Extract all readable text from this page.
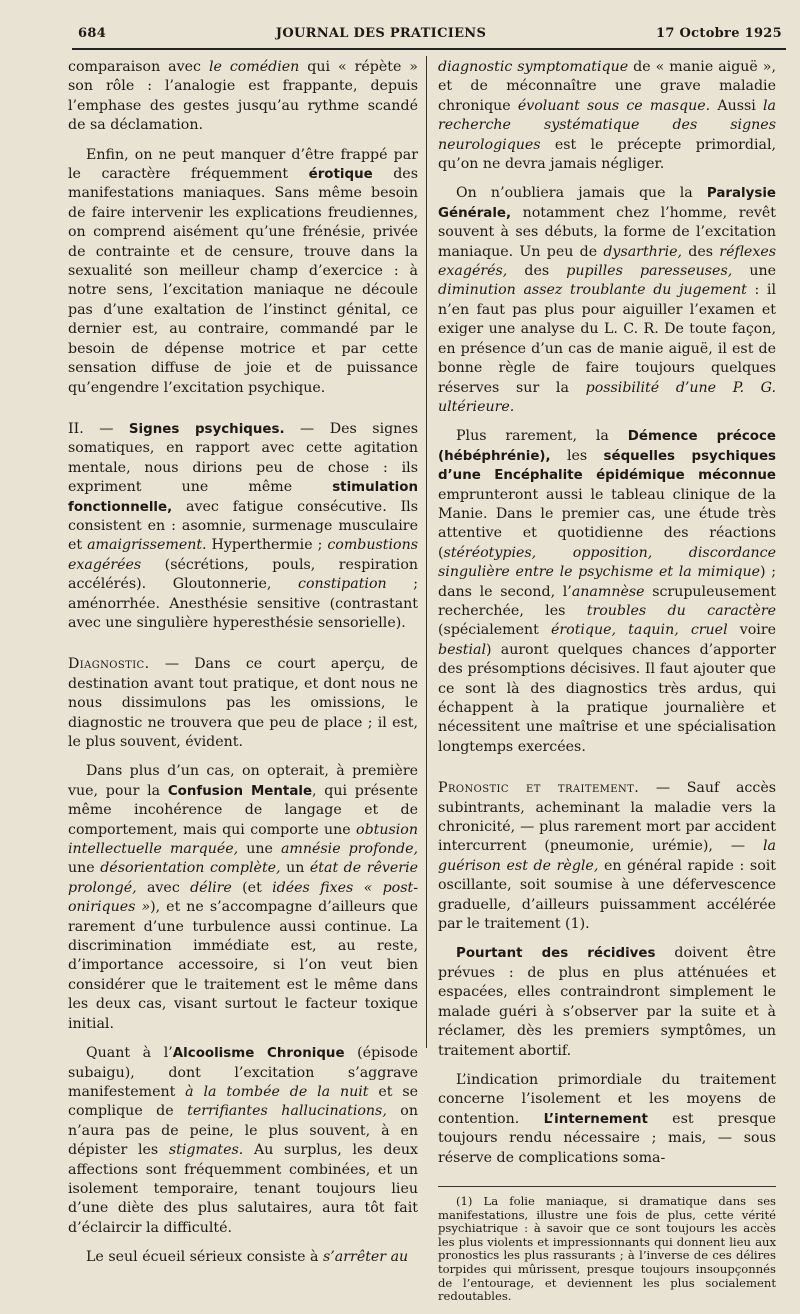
684	JOURNAL DES PRATICIENS	17 Octobre 1925

comparaison avec le comédien qui « répète » son rôle : l’analogie est frappante, depuis l’emphase des gestes jusqu’au rythme scandé de sa déclamation.

Enfin, on ne peut manquer d’être frappé par le caractère fréquemment érotique des manifestations maniaques. Sans même besoin de faire intervenir les explications freudiennes, on comprend aisément qu’une frénésie, privée de contrainte et de censure, trouve dans la sexualité son meilleur champ d’exercice : à notre sens, l’excitation maniaque ne découle pas d’une exaltation de l’instinct génital, ce dernier est, au contraire, commandé par le besoin de dépense motrice et par cette sensation diffuse de joie et de puissance qu’engendre l’excitation psychique.

II. — Signes psychiques. — Des signes somatiques, en rapport avec cette agitation mentale, nous dirions peu de chose : ils expriment une même stimulation fonctionnelle, avec fatigue consécutive. Ils consistent en : asomnie, surmenage musculaire et amaigrissement. Hyperthermie ; combustions exagérées (sécrétions, pouls, respiration accélérés). Gloutonnerie, constipation ; aménorrhée. Anesthésie sensitive (contrastant avec une singulière hyperesthésie sensorielle).

Diagnostic. — Dans ce court aperçu, de destination avant tout pratique, et dont nous ne nous dissimulons pas les omissions, le diagnostic ne trouvera que peu de place ; il est, le plus souvent, évident.

Dans plus d’un cas, on opterait, à première vue, pour la Confusion Mentale, qui présente même incohérence de langage et de comportement, mais qui comporte une obtusion intellectuelle marquée, une amnésie profonde, une désorientation complète, un état de rêverie prolongé, avec délire (et idées fixes « post-oniriques »), et ne s’accompagne d’ailleurs que rarement d’une turbulence aussi continue. La discrimination immédiate est, au reste, d’importance accessoire, si l’on veut bien considérer que le traitement est le même dans les deux cas, visant surtout le facteur toxique initial.

Quant à l’Alcoolisme Chronique (épisode subaigu), dont l’excitation s’aggrave manifestement à la tombée de la nuit et se complique de terrifiantes hallucinations, on n’aura pas de peine, le plus souvent, à en dépister les stigmates. Au surplus, les deux affections sont fréquemment combinées, et un isolement temporaire, tenant toujours lieu d’une diète des plus salutaires, aura tôt fait d’éclaircir la difficulté.

Le seul écueil sérieux consiste à s’arrêter au

diagnostic symptomatique de « manie aiguë », et de méconnaître une grave maladie chronique évoluant sous ce masque. Aussi la recherche systématique des signes neurologiques est le précepte primordial, qu’on ne devra jamais négliger.

On n’oubliera jamais que la Paralysie Générale, notamment chez l’homme, revêt souvent à ses débuts, la forme de l’excitation maniaque. Un peu de dysarthrie, des réflexes exagérés, des pupilles paresseuses, une diminution assez troublante du jugement : il n’en faut pas plus pour aiguiller l’examen et exiger une analyse du L. C. R. De toute façon, en présence d’un cas de manie aiguë, il est de bonne règle de faire toujours quelques réserves sur la possibilité d’une P. G. ultérieure.

Plus rarement, la Démence précoce (hébéphrénie), les séquelles psychiques d’une Encéphalite épidémique méconnue emprunteront aussi le tableau clinique de la Manie. Dans le premier cas, une étude très attentive et quotidienne des réactions (stéréotypies, opposition, discordance singulière entre le psychisme et la mimique) ; dans le second, l’anamnèse scrupuleusement recherchée, les troubles du caractère (spécialement érotique, taquin, cruel voire bestial) auront quelques chances d’apporter des présomptions décisives. Il faut ajouter que ce sont là des diagnostics très ardus, qui échappent à la pratique journalière et nécessitent une maîtrise et une spécialisation longtemps exercées.

Pronostic et traitement. — Sauf accès subintrants, acheminant la maladie vers la chronicité, — plus rarement mort par accident intercurrent (pneumonie, urémie), — la guérison est de règle, en général rapide : soit oscillante, soit soumise à une défervescence graduelle, d’ailleurs puissamment accélérée par le traitement (1).

Pourtant des récidives doivent être prévues : de plus en plus atténuées et espacées, elles contraindront simplement le malade guéri à s’observer par la suite et à réclamer, dès les premiers symptômes, un traitement abortif.

L’indication primordiale du traitement concerne l’isolement et les moyens de contention. L’internement est presque toujours rendu nécessaire ; mais, — sous réserve de complications soma-

(1) La folie maniaque, si dramatique dans ses manifestations, illustre une fois de plus, cette vérité psychiatrique : à savoir que ce sont toujours les accès les plus violents et impressionnants qui donnent lieu aux pronostics les plus rassurants ; à l’inverse de ces délires torpides qui mûrissent, presque toujours insoupçonnés de l’entourage, et deviennent les plus socialement redoutables.
